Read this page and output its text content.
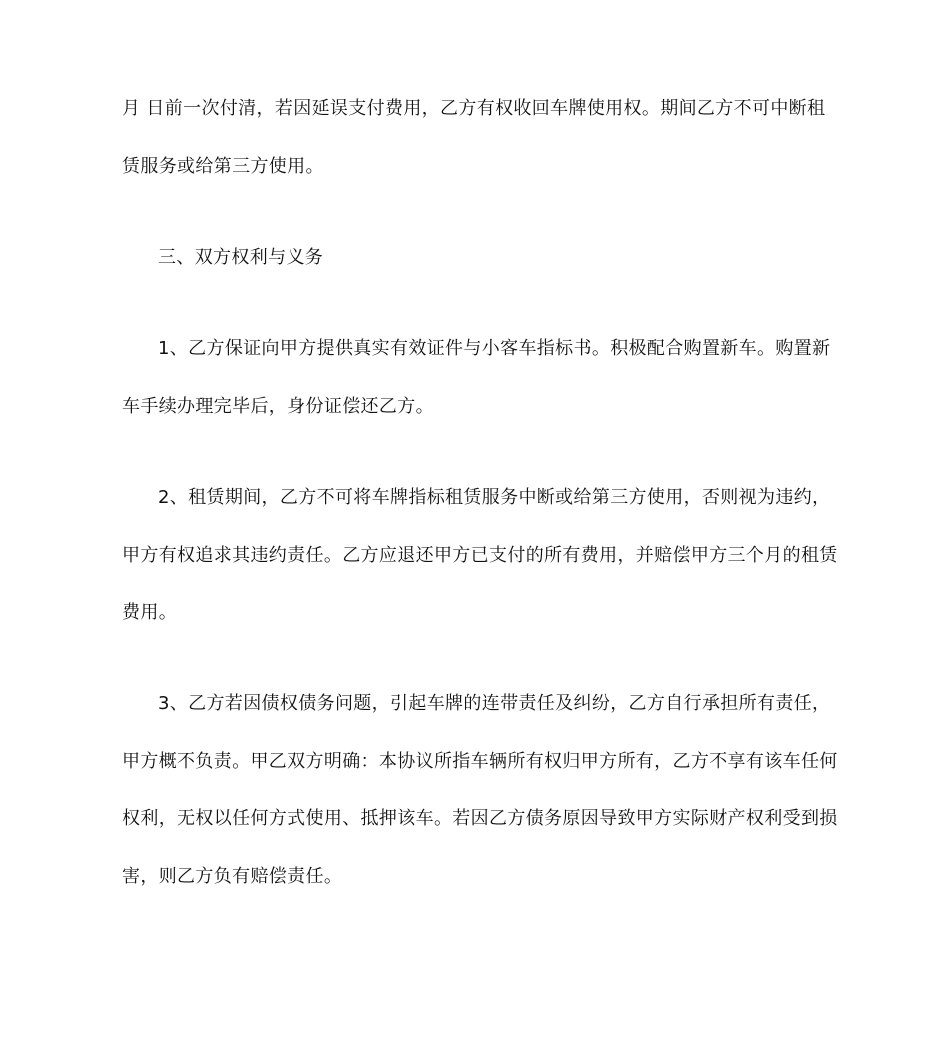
月 日前一次付清，若因延误支付费用，乙方有权收回车牌使用权。期间乙方不可中断租
赁服务或给第三方使用。
三、双方权利与义务
1、乙方保证向甲方提供真实有效证件与小客车指标书。积极配合购置新车。购置新
车手续办理完毕后，身份证偿还乙方。
2、租赁期间，乙方不可将车牌指标租赁服务中断或给第三方使用，否则视为违约，
甲方有权追求其违约责任。乙方应退还甲方已支付的所有费用，并赔偿甲方三个月的租赁
费用。
3、乙方若因债权债务问题，引起车牌的连带责任及纠纷，乙方自行承担所有责任，
甲方概不负责。甲乙双方明确：本协议所指车辆所有权归甲方所有，乙方不享有该车任何
权利，无权以任何方式使用、抵押该车。若因乙方债务原因导致甲方实际财产权利受到损
害，则乙方负有赔偿责任。
